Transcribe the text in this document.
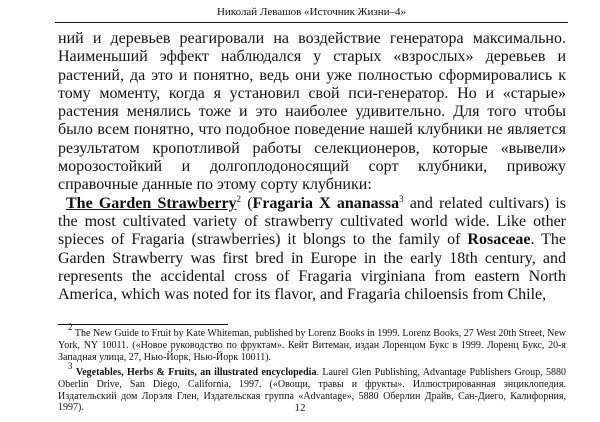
Николай Левашов «Источник Жизни–4»

ний и деревьев реагировали на воздействие генератора максимально. Наименьший эффект наблюдался у старых «взрослых» деревьев и растений, да это и понятно, ведь они уже полностью сформировались к тому моменту, когда я установил свой пси-генератор. Но и «старые» растения менялись тоже и это наиболее удивительно. Для того чтобы было всем понятно, что подобное поведение нашей клубники не является результатом кропотливой работы селекционеров, которые «вывели» морозостойкий и долгоплодоносящий сорт клубники, привожу справочные данные по этому сорту клубники:

The Garden Strawberry$^2$ (Fragaria X ananassa$^3$ and related cultivars) is the most cultivated variety of strawberry cultivated world wide. Like other spieces of Fragaria (strawberries) it blongs to the family of Rosaceae. The Garden Strawberry was first bred in Europe in the early 18th century, and represents the accidental cross of Fragaria virginiana from eastern North America, which was noted for its flavor, and Fragaria chiloensis from Chile,

$^2$ The New Guide to Fruit by Kate Whiteman, published by Lorenz Books in 1999. Lorenz Books, 27 West 20th Street, New York, NY 10011. («Новое руководство по фруктам». Кейт Витеман, издан Лоренцом Букс в 1999. Лоренц Букс, 20-я Западная улица, 27, Нью-Йорк, Нью-Йорк 10011).

$^3$ Vegetables, Herbs & Fruits, an illustrated encyclopedia. Laurel Glen Publishing, Advantage Publishers Group, 5880 Oberlin Drive, San Diego, California, 1997. («Овощи, травы и фрукты». Иллюстрированная энциклопедия. Издательский дом Лорэля Глен, Издательская группа «Advantage», 5880 Оберлин Драйв, Сан-Диего, Калифорния, 1997).	12
